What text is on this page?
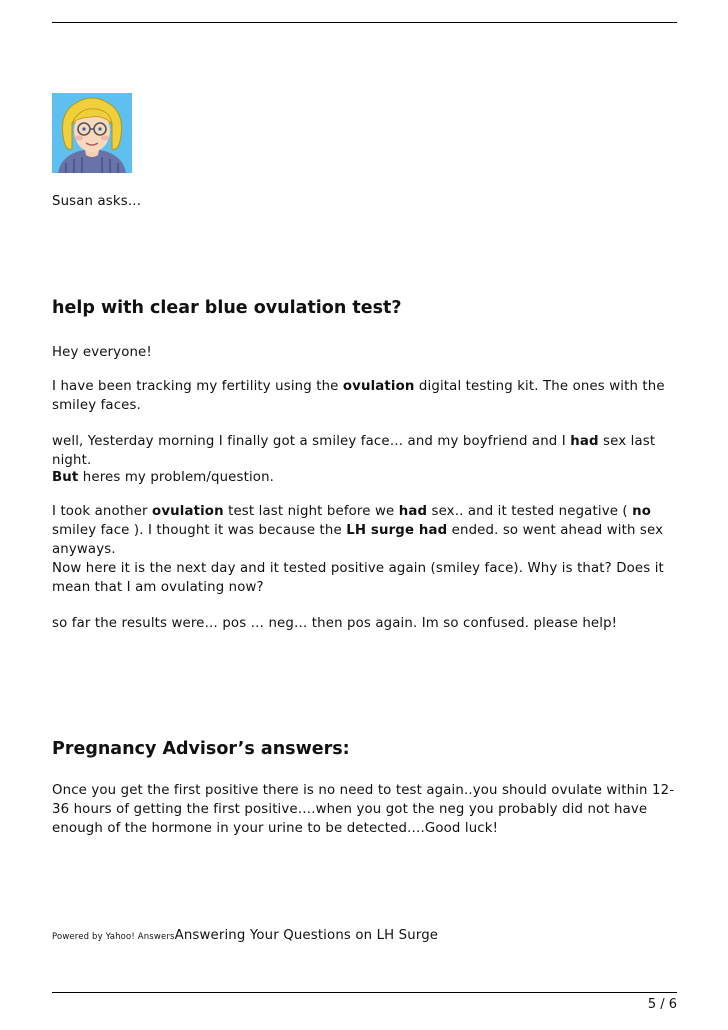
Susan asks…
help with clear blue ovulation test?
Hey everyone!
I have been tracking my fertility using the ovulation digital testing kit. The ones with the smiley faces.
well, Yesterday morning I finally got a smiley face… and my boyfriend and I had sex last night.
But heres my problem/question.
I took another ovulation test last night before we had sex.. and it tested negative ( no smiley face ). I thought it was because the LH surge had ended. so went ahead with sex anyways.
Now here it is the next day and it tested positive again (smiley face). Why is that? Does it mean that I am ovulating now?
so far the results were… pos … neg… then pos again. Im so confused. please help!
Pregnancy Advisor’s answers:
Once you get the first positive there is no need to test again..you should ovulate within 12-36 hours of getting the first positive….when you got the neg you probably did not have enough of the hormone in your urine to be detected….Good luck!
Powered by Yahoo! AnswersAnswering Your Questions on LH Surge
5 / 6
